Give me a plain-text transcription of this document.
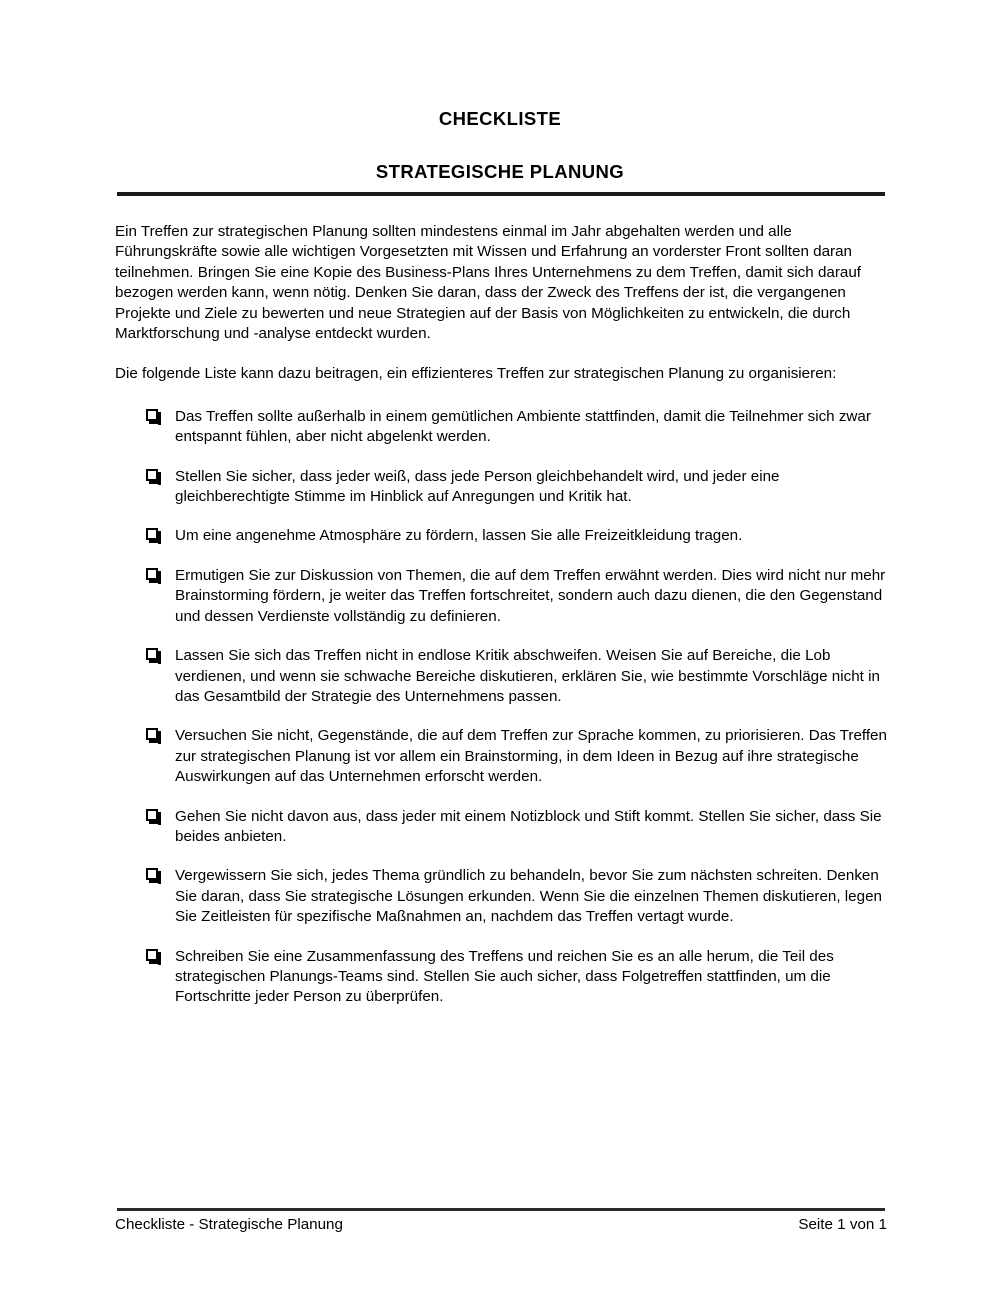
CHECKLISTE
STRATEGISCHE PLANUNG

Ein Treffen zur strategischen Planung sollten mindestens einmal im Jahr abgehalten werden und alle Führungskräfte sowie alle wichtigen Vorgesetzten mit Wissen und Erfahrung an vorderster Front sollten daran teilnehmen. Bringen Sie eine Kopie des Business-Plans Ihres Unternehmens zu dem Treffen, damit sich darauf bezogen werden kann, wenn nötig. Denken Sie daran, dass der Zweck des Treffens der ist, die vergangenen Projekte und Ziele zu bewerten und neue Strategien auf der Basis von Möglichkeiten zu entwickeln, die durch Marktforschung und -analyse entdeckt wurden.

Die folgende Liste kann dazu beitragen, ein effizienteres Treffen zur strategischen Planung zu organisieren:

Das Treffen sollte außerhalb in einem gemütlichen Ambiente stattfinden, damit die Teilnehmer sich zwar entspannt fühlen, aber nicht abgelenkt werden.
Stellen Sie sicher, dass jeder weiß, dass jede Person gleichbehandelt wird, und jeder eine gleichberechtigte Stimme im Hinblick auf Anregungen und Kritik hat.
Um eine angenehme Atmosphäre zu fördern, lassen Sie alle Freizeitkleidung tragen.
Ermutigen Sie zur Diskussion von Themen, die auf dem Treffen erwähnt werden. Dies wird nicht nur mehr Brainstorming fördern, je weiter das Treffen fortschreitet, sondern auch dazu dienen, die den Gegenstand und dessen Verdienste vollständig zu definieren.
Lassen Sie sich das Treffen nicht in endlose Kritik abschweifen. Weisen Sie auf Bereiche, die Lob verdienen, und wenn sie schwache Bereiche diskutieren, erklären Sie, wie bestimmte Vorschläge nicht in das Gesamtbild der Strategie des Unternehmens passen.
Versuchen Sie nicht, Gegenstände, die auf dem Treffen zur Sprache kommen, zu priorisieren. Das Treffen zur strategischen Planung ist vor allem ein Brainstorming, in dem Ideen in Bezug auf ihre strategische Auswirkungen auf das Unternehmen erforscht werden.
Gehen Sie nicht davon aus, dass jeder mit einem Notizblock und Stift kommt. Stellen Sie sicher, dass Sie beides anbieten.
Vergewissern Sie sich, jedes Thema gründlich zu behandeln, bevor Sie zum nächsten schreiten. Denken Sie daran, dass Sie strategische Lösungen erkunden. Wenn Sie die einzelnen Themen diskutieren, legen Sie Zeitleisten für spezifische Maßnahmen an, nachdem das Treffen vertagt wurde.
Schreiben Sie eine Zusammenfassung des Treffens und reichen Sie es an alle herum, die Teil des strategischen Planungs-Teams sind. Stellen Sie auch sicher, dass Folgetreffen stattfinden, um die Fortschritte jeder Person zu überprüfen.
Checkliste - Strategische Planung	Seite 1 von 1
